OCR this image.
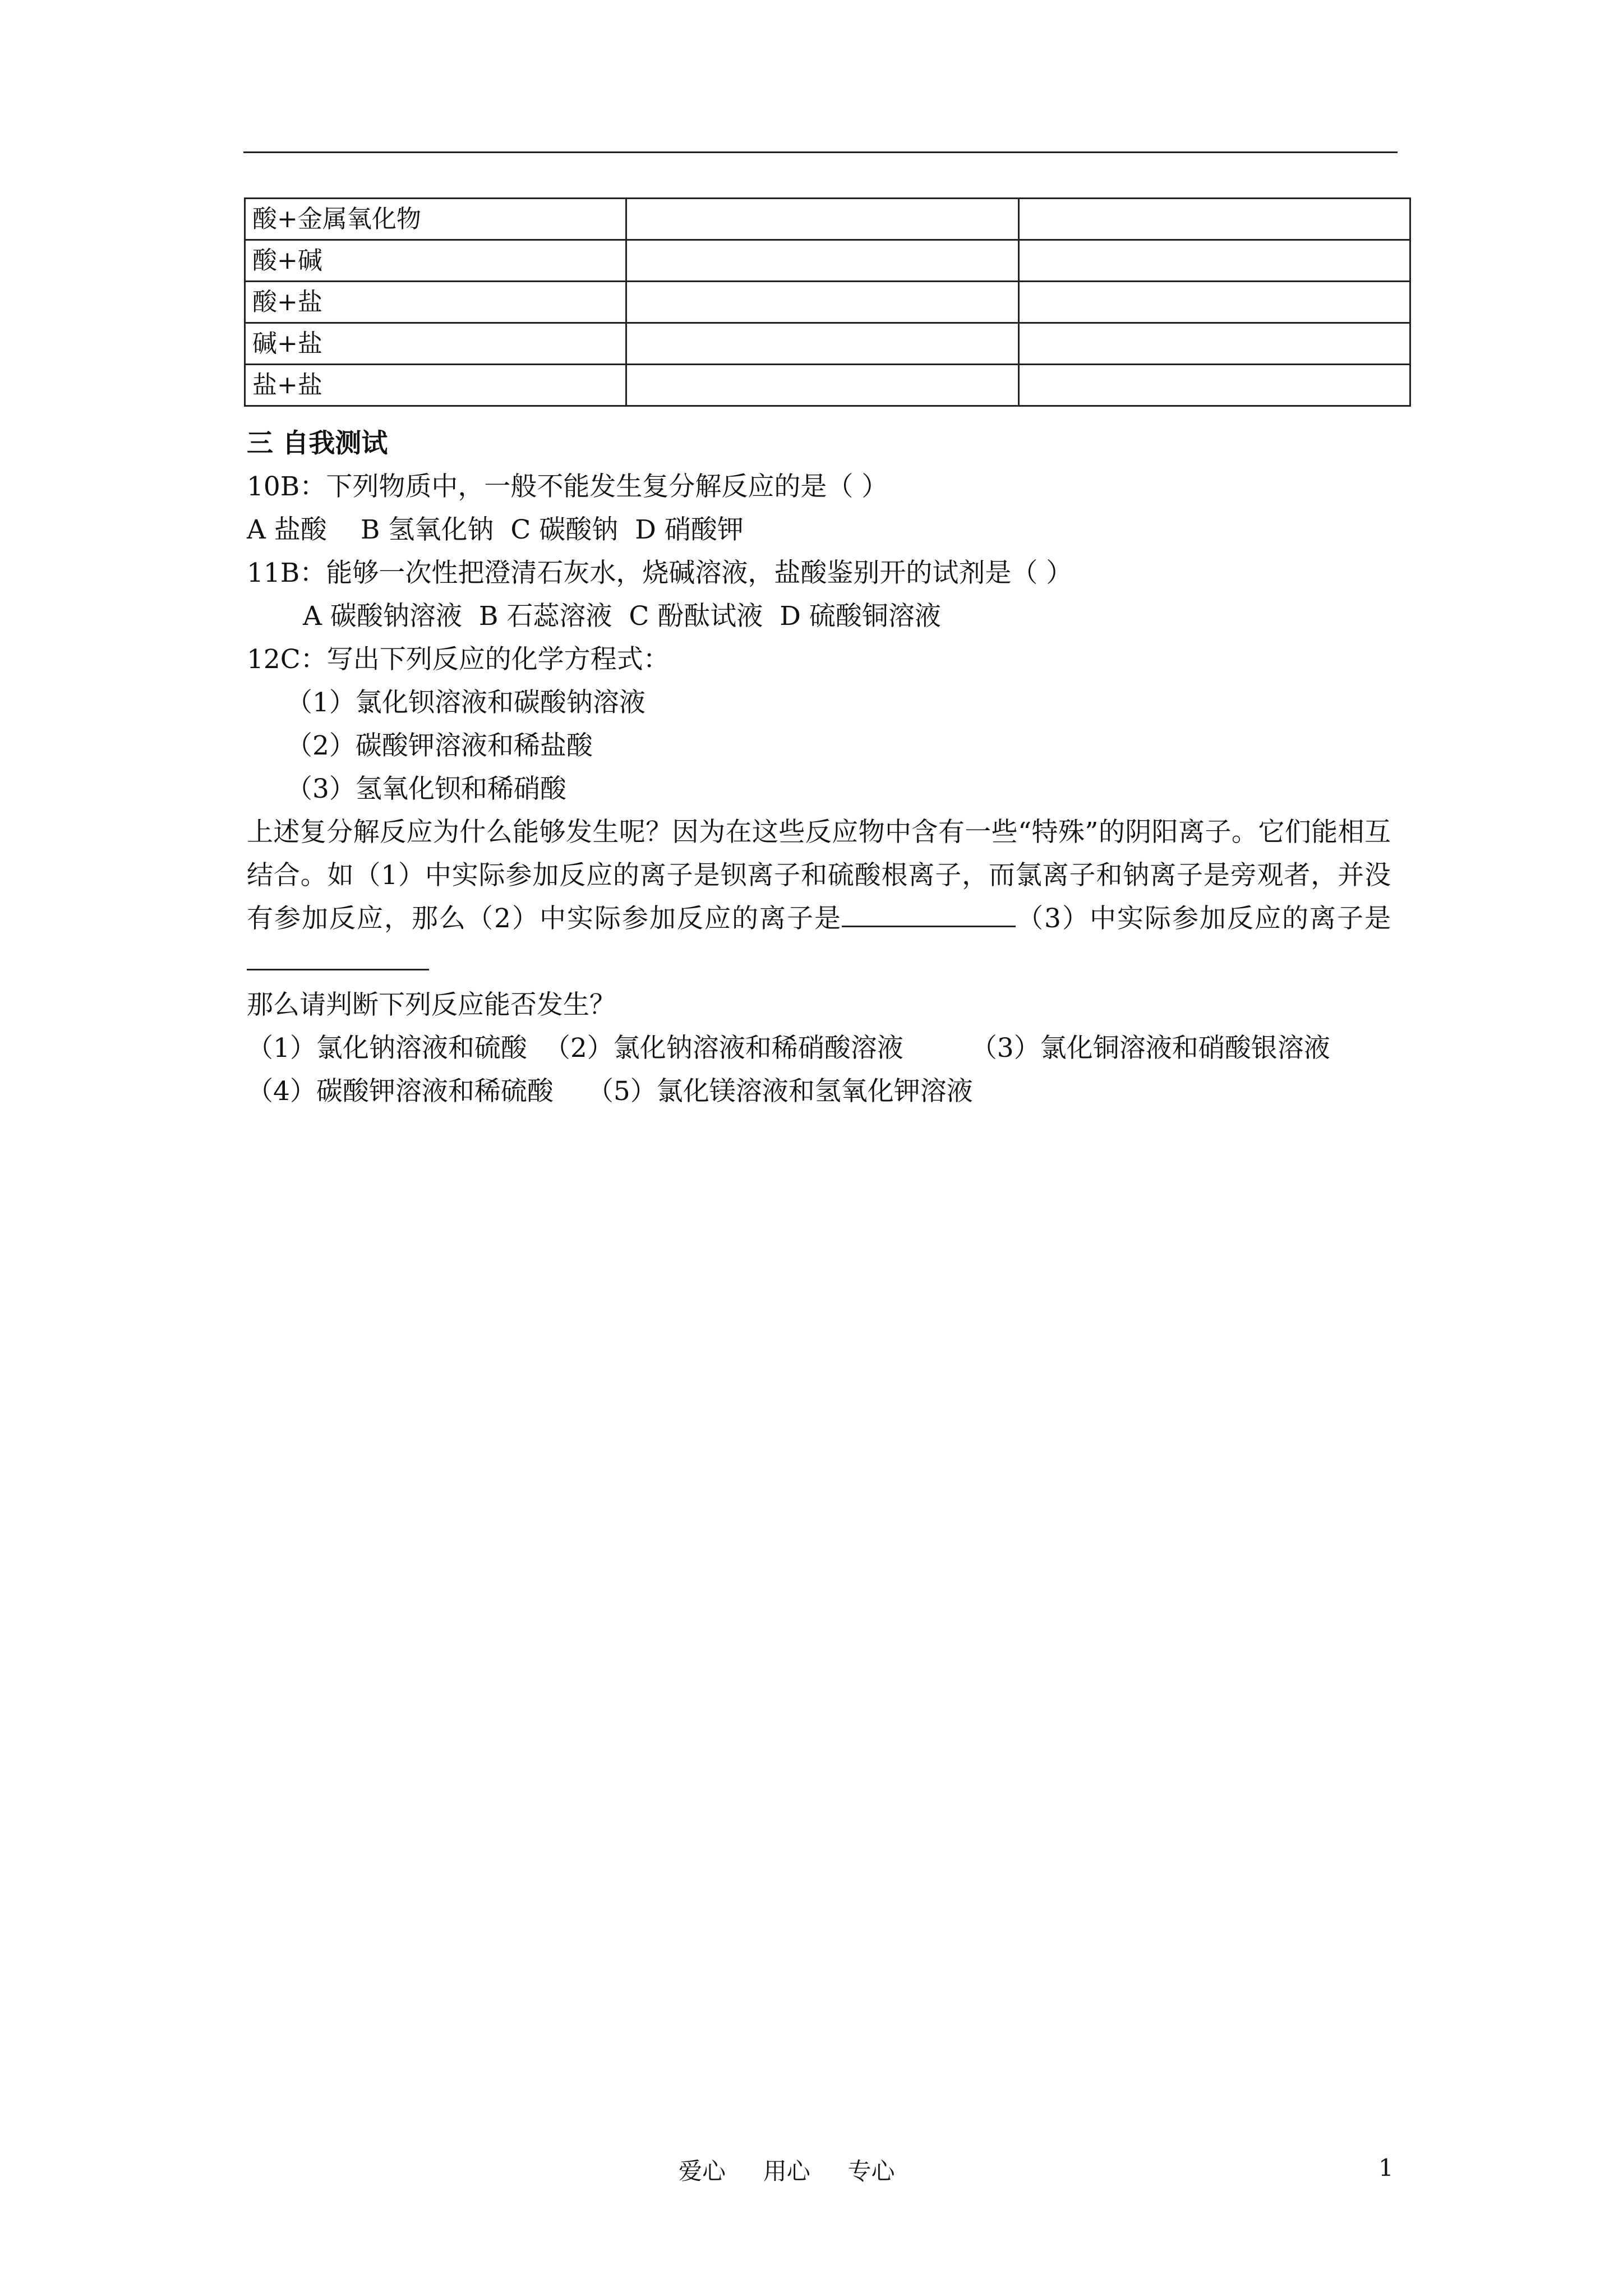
酸+金属氧化物		
酸+碱		
酸+盐		
碱+盐		
盐+盐		
三 自我测试
10B：下列物质中，一般不能发生复分解反应的是（ ）
A 盐酸 B 氢氧化钠 C 碳酸钠 D 硝酸钾
11B：能够一次性把澄清石灰水，烧碱溶液，盐酸鉴别开的试剂是（ ）
A 碳酸钠溶液 B 石蕊溶液 C 酚酞试液 D 硫酸铜溶液
12C：写出下列反应的化学方程式：
（1）氯化钡溶液和碳酸钠溶液
（2）碳酸钾溶液和稀盐酸
（3）氢氧化钡和稀硝酸
上述复分解反应为什么能够发生呢？因为在这些反应物中含有一些“特殊”的阴阳离子。它们能相互结合。如（1）中实际参加反应的离子是钡离子和硫酸根离子，而氯离子和钠离子是旁观者，并没有参加反应，那么（2）中实际参加反应的离子是	（3）中实际参加反应的离子是
那么请判断下列反应能否发生？
（1）氯化钠溶液和硫酸 （2）氯化钠溶液和稀硝酸溶液	（3）氯化铜溶液和硝酸银溶液
（4）碳酸钾溶液和稀硫酸 （5）氯化镁溶液和氢氧化钾溶液
爱心     用心     专心	1
